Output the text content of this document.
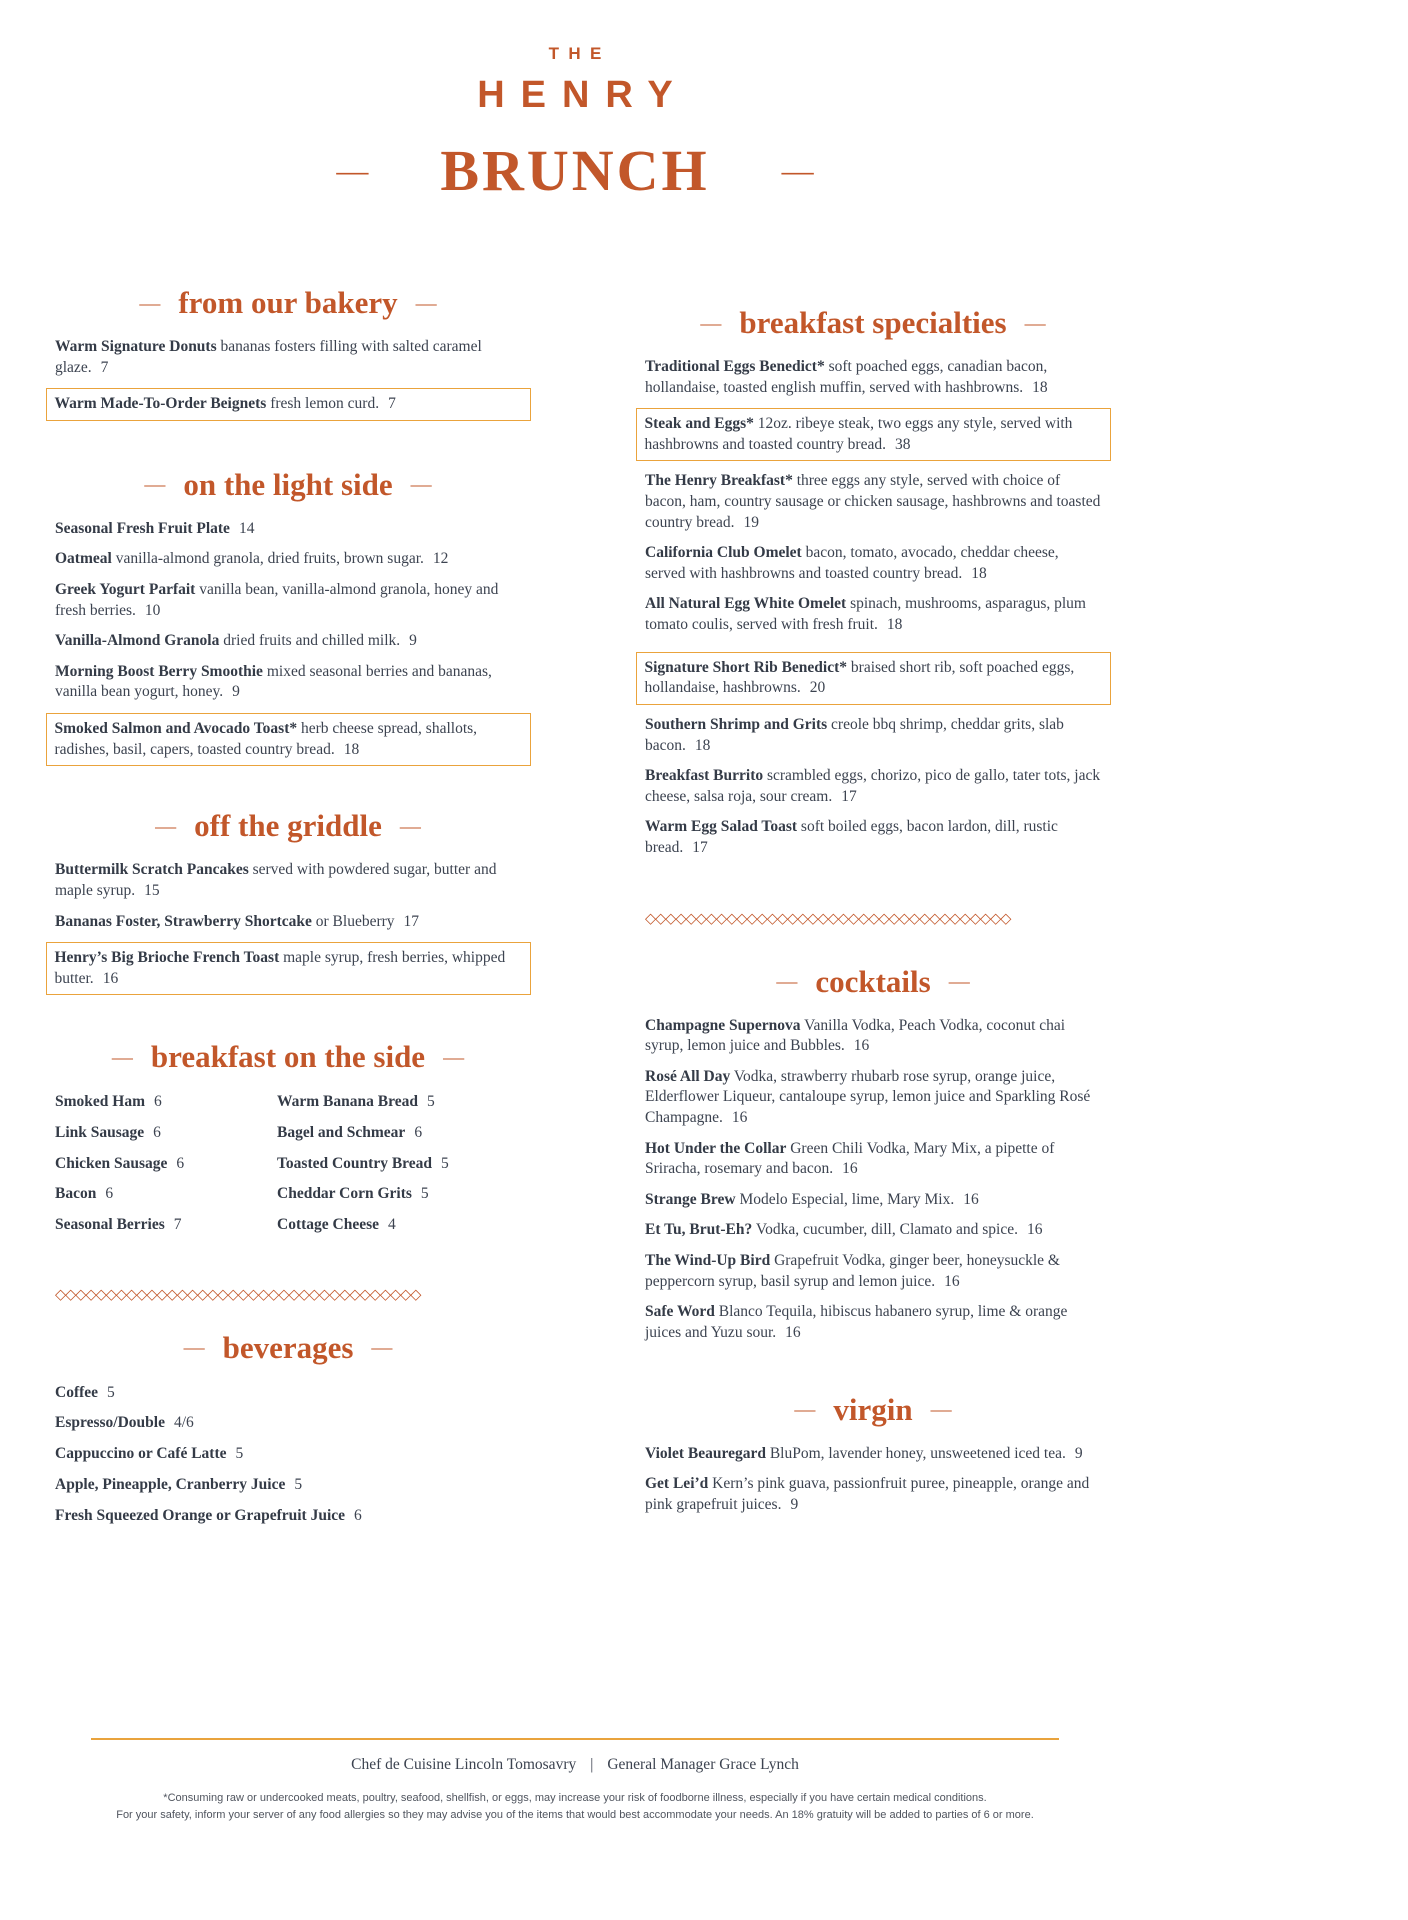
THE
HENRY
— BRUNCH —
— from our bakery —
Warm Signature Donuts bananas fosters filling with salted caramel glaze. 7
Warm Made-To-Order Beignets fresh lemon curd. 7
— on the light side —
Seasonal Fresh Fruit Plate 14
Oatmeal vanilla-almond granola, dried fruits, brown sugar. 12
Greek Yogurt Parfait vanilla bean, vanilla-almond granola, honey and fresh berries. 10
Vanilla-Almond Granola dried fruits and chilled milk. 9
Morning Boost Berry Smoothie mixed seasonal berries and bananas, vanilla bean yogurt, honey. 9
Smoked Salmon and Avocado Toast* herb cheese spread, shallots, radishes, basil, capers, toasted country bread. 18
— off the griddle —
Buttermilk Scratch Pancakes served with powdered sugar, butter and maple syrup. 15
Bananas Foster, Strawberry Shortcake or Blueberry 17
Henry’s Big Brioche French Toast maple syrup, fresh berries, whipped butter. 16
— breakfast on the side —
Smoked Ham 6
Link Sausage 6
Chicken Sausage 6
Bacon 6
Seasonal Berries 7
Warm Banana Bread 5
Bagel and Schmear 6
Toasted Country Bread 5
Cheddar Corn Grits 5
Cottage Cheese 4
◇◇◇◇◇◇◇◇◇◇◇◇◇◇◇◇◇◇◇◇◇◇◇◇◇◇◇◇◇◇◇◇◇◇◇◇
— beverages —
Coffee 5
Espresso/Double 4/6
Cappuccino or Café Latte 5
Apple, Pineapple, Cranberry Juice 5
Fresh Squeezed Orange or Grapefruit Juice 6
— breakfast specialties —
Traditional Eggs Benedict* soft poached eggs, canadian bacon, hollandaise, toasted english muffin, served with hashbrowns. 18
Steak and Eggs* 12oz. ribeye steak, two eggs any style, served with hashbrowns and toasted country bread. 38
The Henry Breakfast* three eggs any style, served with choice of bacon, ham, country sausage or chicken sausage, hashbrowns and toasted country bread. 19
California Club Omelet bacon, tomato, avocado, cheddar cheese, served with hashbrowns and toasted country bread. 18
All Natural Egg White Omelet spinach, mushrooms, asparagus, plum tomato coulis, served with fresh fruit. 18
Signature Short Rib Benedict* braised short rib, soft poached eggs, hollandaise, hashbrowns. 20
Southern Shrimp and Grits creole bbq shrimp, cheddar grits, slab bacon. 18
Breakfast Burrito scrambled eggs, chorizo, pico de gallo, tater tots, jack cheese, salsa roja, sour cream. 17
Warm Egg Salad Toast soft boiled eggs, bacon lardon, dill, rustic bread. 17
◇◇◇◇◇◇◇◇◇◇◇◇◇◇◇◇◇◇◇◇◇◇◇◇◇◇◇◇◇◇◇◇◇◇◇◇
— cocktails —
Champagne Supernova Vanilla Vodka, Peach Vodka, coconut chai syrup, lemon juice and Bubbles. 16
Rosé All Day Vodka, strawberry rhubarb rose syrup, orange juice, Elderflower Liqueur, cantaloupe syrup, lemon juice and Sparkling Rosé Champagne. 16
Hot Under the Collar Green Chili Vodka, Mary Mix, a pipette of Sriracha, rosemary and bacon. 16
Strange Brew Modelo Especial, lime, Mary Mix. 16
Et Tu, Brut-Eh? Vodka, cucumber, dill, Clamato and spice. 16
The Wind-Up Bird Grapefruit Vodka, ginger beer, honeysuckle & peppercorn syrup, basil syrup and lemon juice. 16
Safe Word Blanco Tequila, hibiscus habanero syrup, lime & orange juices and Yuzu sour. 16
— virgin —
Violet Beauregard BluPom, lavender honey, unsweetened iced tea. 9
Get Lei’d Kern’s pink guava, passionfruit puree, pineapple, orange and pink grapefruit juices. 9
Chef de Cuisine Lincoln Tomosavry | General Manager Grace Lynch
*Consuming raw or undercooked meats, poultry, seafood, shellfish, or eggs, may increase your risk of foodborne illness, especially if you have certain medical conditions.
For your safety, inform your server of any food allergies so they may advise you of the items that would best accommodate your needs. An 18% gratuity will be added to parties of 6 or more.
